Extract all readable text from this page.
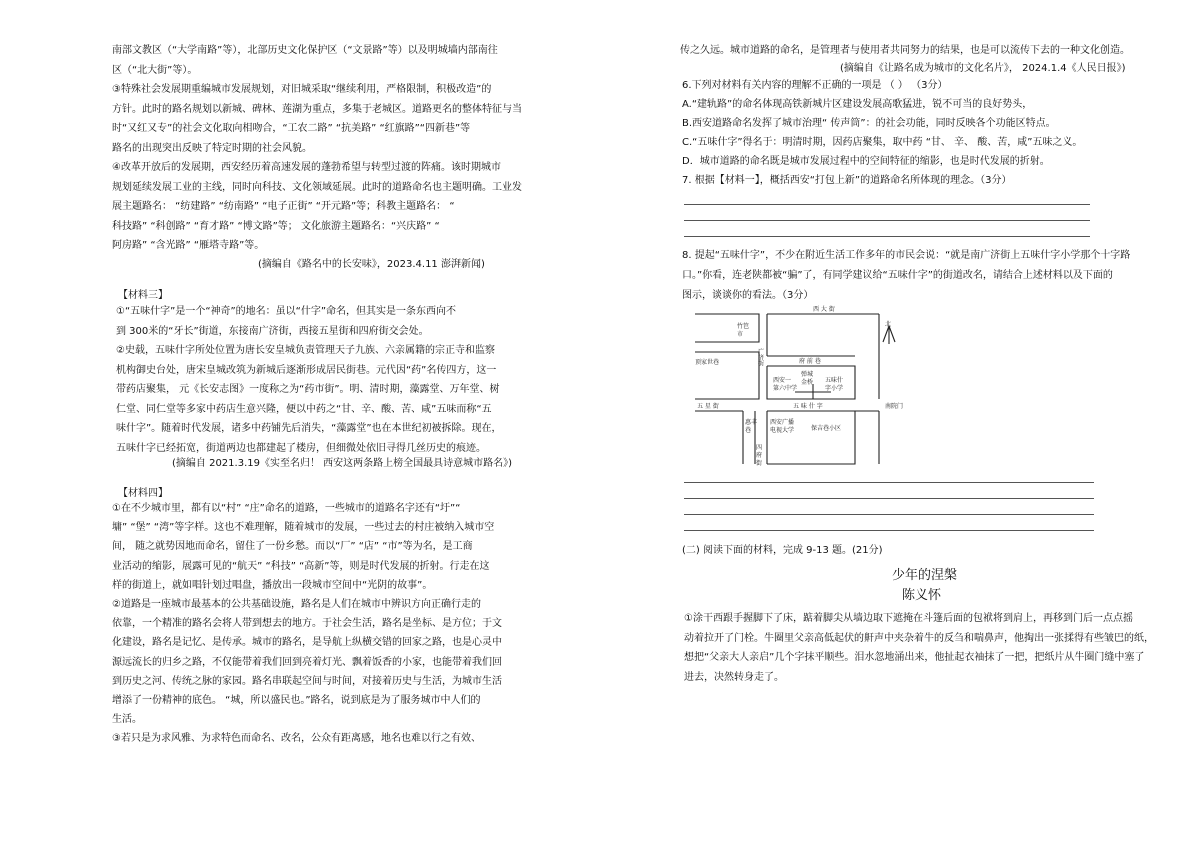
南部文教区（“大学南路”等），北部历史文化保护区（“文景路”等）以及明城墙内部南往
区（“北大街”等）。
③特殊社会发展期重编城市发展规划，对旧城采取“继续利用，严格限制，积极改造”的
方针。此时的路名规划以新城、碑林、莲湖为重点，多集于老城区。道路更名的整体特征与当
时“又红又专”的社会文化取向相吻合，“工农二路” “抗美路” “红旗路”“四新巷”等
路名的出现突出反映了特定时期的社会风貌。
④改革开放后的发展期，西安经历着高速发展的蓬勃希望与转型过渡的阵痛。该时期城市
规划延续发展工业的主线，同时向科技、文化领域延展。此时的道路命名也主题明确。工业发
展主题路名： “纺建路” “纺南路” “电子正街” “开元路”等；科教主题路名： “
科技路” “科创路” “育才路” “博文路”等； 文化旅游主题路名：“兴庆路” “
阿房路” “含光路” “雁塔寺路”等。
(摘编自《路名中的长安味》，2023.4.11 澎湃新闻)
【材料三】
①“五味什字”是一个“神奇”的地名：虽以“什字”命名，但其实是一条东西向不
到 300米的“牙长”街道，东接南广济街，西接五星街和四府街交会处。
②史载，五味什字所处位置为唐长安皇城负责管理天子九族、六亲属籍的宗正寺和监察
机构御史台处，唐宋皇城改筑为新城后逐渐形成居民街巷。元代因“药”名传四方，这一
带药店聚集， 元《长安志图》一度称之为“药市街”。明、清时期，藻露堂、万年堂、树
仁堂、同仁堂等多家中药店生意兴隆，便以中药之“甘、辛、酸、苦、咸”五味而称“五
味什字”。随着时代发展，诸多中药铺先后消失，“藻露堂”也在本世纪初被拆除。现在，
五味什字已经拓宽，街道两边也都建起了楼房，但细微处依旧寻得几丝历史的痕迹。
(摘编自 2021.3.19《实至名归！ 西安这两条路上榜全国最具诗意城市路名》)
【材料四】
①在不少城市里，都有以“村” “庄”命名的道路，一些城市的道路名字还有“圩”“
墉” “堡” “湾”等字样。这也不难理解，随着城市的发展，一些过去的村庄被纳入城市空
间， 随之就势因地而命名，留住了一份乡愁。而以“厂” “店” “市”等为名，是工商
业活动的缩影，展露可见的“航天” “科技” “高新”等，则是时代发展的折射。行走在这
样的街道上，就如唱针划过唱盘，播放出一段城市空间中“光阴的故事”。
②道路是一座城市最基本的公共基础设施，路名是人们在城市中辨识方向正确行走的
依靠，一个精准的路名会将人带到想去的地方。于社会生活，路名是坐标、是方位；于文
化建设，路名是记忆、是传承。城市的路名，是导航上纵横交错的回家之路，也是心灵中
源远流长的归乡之路，不仅能带着我们回到亮着灯光、飘着饭香的小家，也能带着我们回
到历史之河、传统之脉的家园。路名串联起空间与时间，对接着历史与生活，为城市生活
增添了一份精神的底色。 “城，所以盛民也。”路名，说到底是为了服务城市中人们的
生活。
③若只是为求风雅、为求特色而命名、改名，公众有距离感，地名也难以行之有效、
传之久远。城市道路的命名，是管理者与使用者共同努力的结果，也是可以流传下去的一种文化创造。
(摘编自《让路名成为城市的文化名片》， 2024.1.4《人民日报》)
6.下列对材料有关内容的理解不正确的一项是 （ ） （3分）
A.“建轨路”的命名体现高铁新城片区建设发展高歌猛进，锐不可当的良好势头，
B.西安道路命名发挥了城市治理“ 传声筒”：的社会功能，同时反映各个功能区特点。
C.“五味什字”得名于：明清时期，因药店聚集，取中药 “甘、 辛、 酸、苦，咸”五味之义。
D．城市道路的命名既是城市发展过程中的空间特征的缩影，也是时代发展的折射。
7. 根据【材料一】，概括西安“打包上新”的道路命名所体现的理念。（3分）
8. 提起“五味什字”，不少在附近生活工作多年的市民会说：“就是南广济街上五味什字小学那个十字路
口。”你看，连老陕都被“骗”了，有同学建议给“五味什字”的街道改名，请结合上述材料以及下面的
图示，谈谈你的看法。（3分）
(二) 阅读下面的材料，完成 9-13 题。(21分)
少年的涅槃
陈义怀
①涂干西跟手握脚下了床，踮着脚尖从墙边取下遮掩在斗篷后面的包袱将到肩上，再移到门后一点点摇
动着拉开了门栓。牛圈里父亲高低起伏的鼾声中夹杂着牛的反刍和喘鼻声，他掏出一张揉得有些皱巴的纸，
想把“父亲大人亲启”几个字抹平顺些。泪水忽地涌出来，他扯起衣袖抹了一把，把纸片从牛圈门缝中塞了
进去，决然转身走了。
西 大 街
府 前 巷
顶家世巷
北
西安一
第六中学
弹城
金桥 五味什
字小学
五 星 街	五 味 什 字	南院门
西安广播
电视大学	保吉巷小区
惠丰
巷
竹笆
市
四 府 街
广济街
